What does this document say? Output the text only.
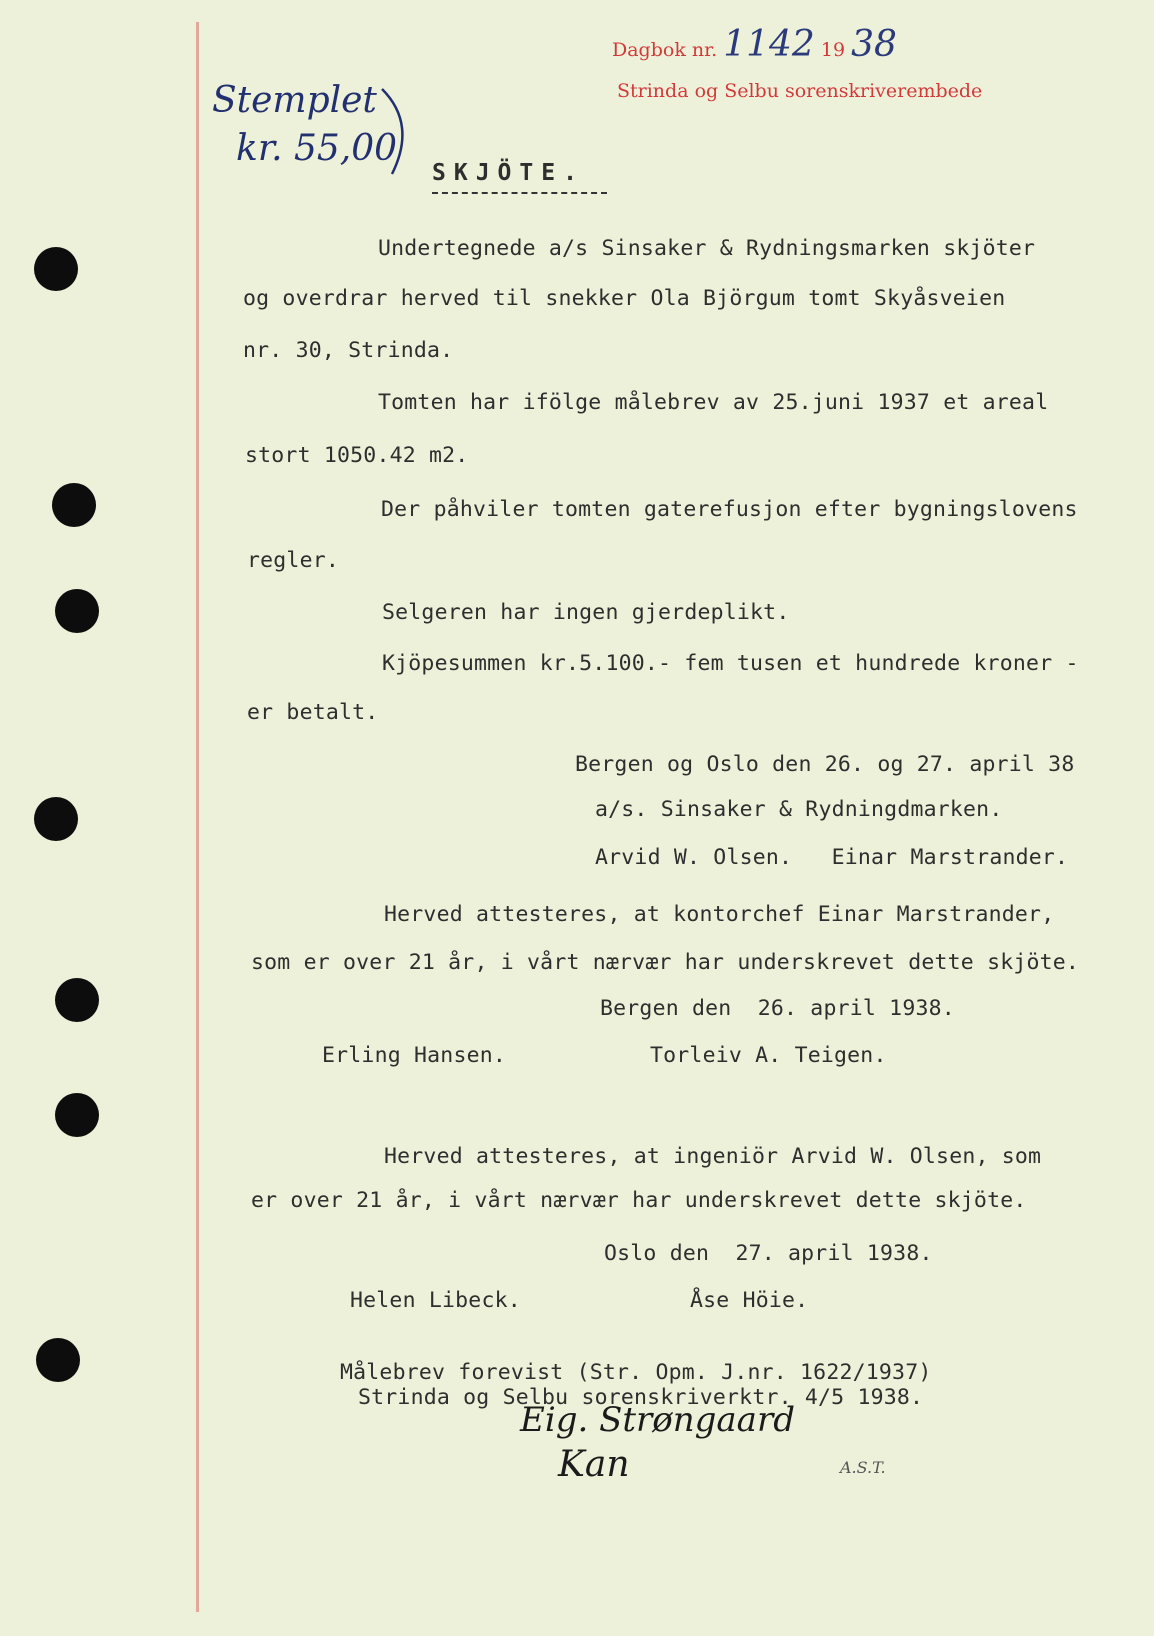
Dagbok nr. 1142 19 38
Strinda og Selbu sorenskriverembede
Stemplet
kr. 55,00
SKJÖTE.
Undertegnede a/s Sinsaker & Rydningsmarken skjöter
og overdrar herved til snekker Ola Björgum tomt Skyåsveien
nr. 30, Strinda.
Tomten har ifölge målebrev av 25.juni 1937 et areal
stort 1050.42 m2.
Der påhviler tomten gaterefusjon efter bygningslovens
regler.
Selgeren har ingen gjerdeplikt.
Kjöpesummen kr.5.100.- fem tusen et hundrede kroner -
er betalt.
Bergen og Oslo den 26. og 27. april 38
a/s. Sinsaker & Rydningdmarken.
Arvid W. Olsen.   Einar Marstrander.
Herved attesteres, at kontorchef Einar Marstrander,
som er over 21 år, i vårt nærvær har underskrevet dette skjöte.
Bergen den  26. april 1938.
Erling Hansen.	Torleiv A. Teigen.
Herved attesteres, at ingeniör Arvid W. Olsen, som
er over 21 år, i vårt nærvær har underskrevet dette skjöte.
Oslo den  27. april 1938.
Helen Libeck.	Åse Höie.
Målebrev forevist (Str. Opm. J.nr. 1622/1937)
Strinda og Selbu sorenskriverktr. 4/5 1938.
Eig. Strøngaard
Kan	A.S.T.
